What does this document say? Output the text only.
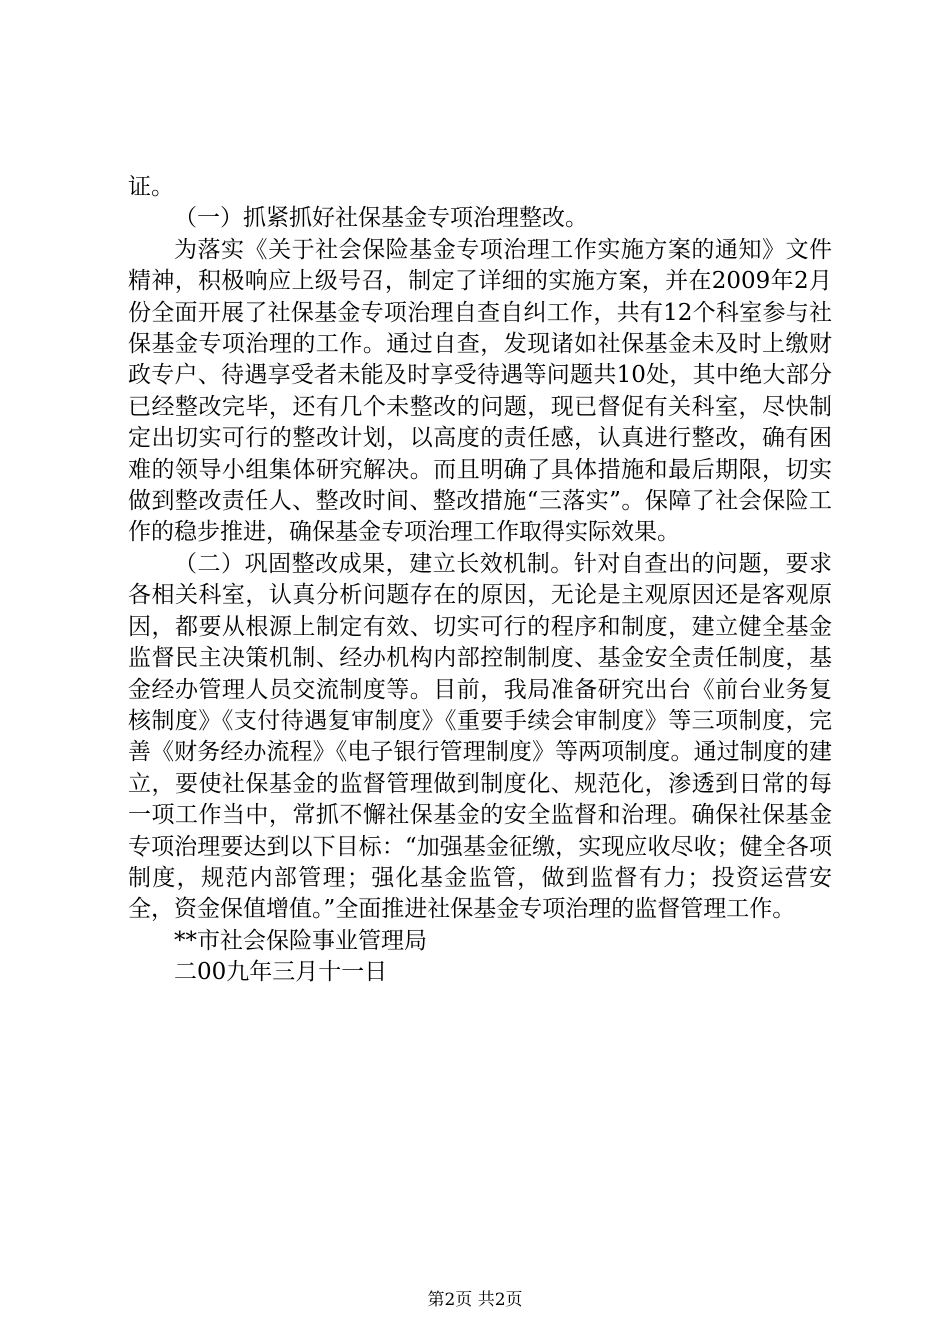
证。

（一）抓紧抓好社保基金专项治理整改。

为落实《关于社会保险基金专项治理工作实施方案的通知》文件精神，积极响应上级号召，制定了详细的实施方案，并在2009年2月份全面开展了社保基金专项治理自查自纠工作，共有12个科室参与社保基金专项治理的工作。通过自查，发现诸如社保基金未及时上缴财政专户、待遇享受者未能及时享受待遇等问题共10处，其中绝大部分已经整改完毕，还有几个未整改的问题，现已督促有关科室，尽快制定出切实可行的整改计划，以高度的责任感，认真进行整改，确有困难的领导小组集体研究解决。而且明确了具体措施和最后期限，切实做到整改责任人、整改时间、整改措施“三落实”。保障了社会保险工作的稳步推进，确保基金专项治理工作取得实际效果。

（二）巩固整改成果，建立长效机制。针对自查出的问题，要求各相关科室，认真分析问题存在的原因，无论是主观原因还是客观原因，都要从根源上制定有效、切实可行的程序和制度，建立健全基金监督民主决策机制、经办机构内部控制制度、基金安全责任制度，基金经办管理人员交流制度等。目前，我局准备研究出台《前台业务复核制度》《支付待遇复审制度》《重要手续会审制度》等三项制度，完善《财务经办流程》《电子银行管理制度》等两项制度。通过制度的建立，要使社保基金的监督管理做到制度化、规范化，渗透到日常的每一项工作当中，常抓不懈社保基金的安全监督和治理。确保社保基金专项治理要达到以下目标：“加强基金征缴，实现应收尽收；健全各项制度，规范内部管理；强化基金监管，做到监督有力；投资运营安全，资金保值增值。”全面推进社保基金专项治理的监督管理工作。

**市社会保险事业管理局

二00九年三月十一日

第2页 共2页
